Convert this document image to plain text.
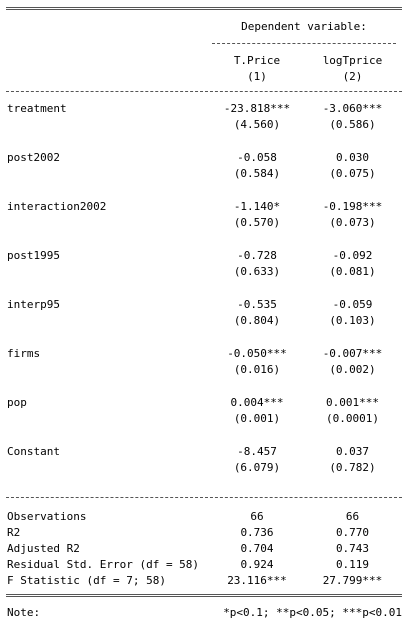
Dependent variable:
T.Price	logTprice
(1)	(2)
treatment	-23.818***	-3.060***
(4.560)	(0.586)
post2002	-0.058	0.030
(0.584)	(0.075)
interaction2002	-1.140*	-0.198***
(0.570)	(0.073)
post1995	-0.728	-0.092
(0.633)	(0.081)
interp95	-0.535	-0.059
(0.804)	(0.103)
firms	-0.050***	-0.007***
(0.016)	(0.002)
pop	0.004***	0.001***
(0.001)	(0.0001)
Constant	-8.457	0.037
(6.079)	(0.782)
Observations	66	66
R2	0.736	0.770
Adjusted R2	0.704	0.743
Residual Std. Error (df = 58)	0.924	0.119
F Statistic (df = 7; 58)	23.116***	27.799***
Note:	*p<0.1; **p<0.05; ***p<0.01
